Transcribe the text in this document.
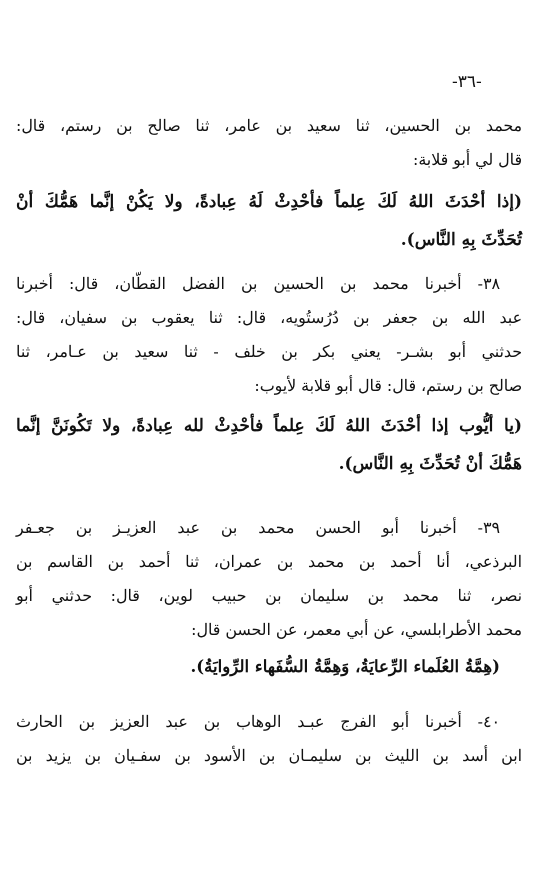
-٣٦-
محمد بن الحسين، ثنا سعيد بن عامر، ثنا صالح بن رستم، قال:
قال لي أبو قلابة:
(إذا أحْدَثَ اللهُ لَكَ عِلماً فأحْدِثْ لَهُ عِبادةً، ولا يَكُنْ إنَّما هَمُّكَ أنْ
تُحَدِّثَ بِهِ النَّاس).
٣٨- أخبرنا محمد بن الحسين بن الفضل القطّان، قال: أخبرنا
عبد الله بن جعفر بن دُرُستُويه، قال: ثنا يعقوب بن سفيان، قال:
حدثني أبو بشـر- يعني بكر بن خلف - ثنا سعيد بن عـامر، ثنا
صالح بن رستم، قال: قال أبو قلابة لأيوب:
(يا أيُّوب إذا أحْدَثَ اللهُ لَكَ عِلماً فأحْدِثْ لله عِبادةً، ولا تَكُونَنَّ إنَّما
هَمُّكَ أنْ تُحَدِّثَ بِهِ النَّاس).
٣٩- أخبرنا أبو الحسن محمد بن عبد العزيـز بن جعـفر
البرذعي، أنا أحمد بن محمد بن عمران، ثنا أحمد بن القاسم بن
نصر، ثنا محمد بن سليمان بن حبيب لوين، قال: حدثني أبو
محمد الأطرابلسي، عن أبي معمر، عن الحسن قال:
(هِمَّةُ العُلَماء الرِّعايَةُ، وَهِمَّةُ السُّفَهاء الرِّوايَةُ).
٤٠- أخبرنا أبو الفرج عبـد الوهاب بن عبد العزيز بن الحارث
ابن أسد بن الليث بن سليمـان بن الأسود بن سفـيان بن يزيد بن
